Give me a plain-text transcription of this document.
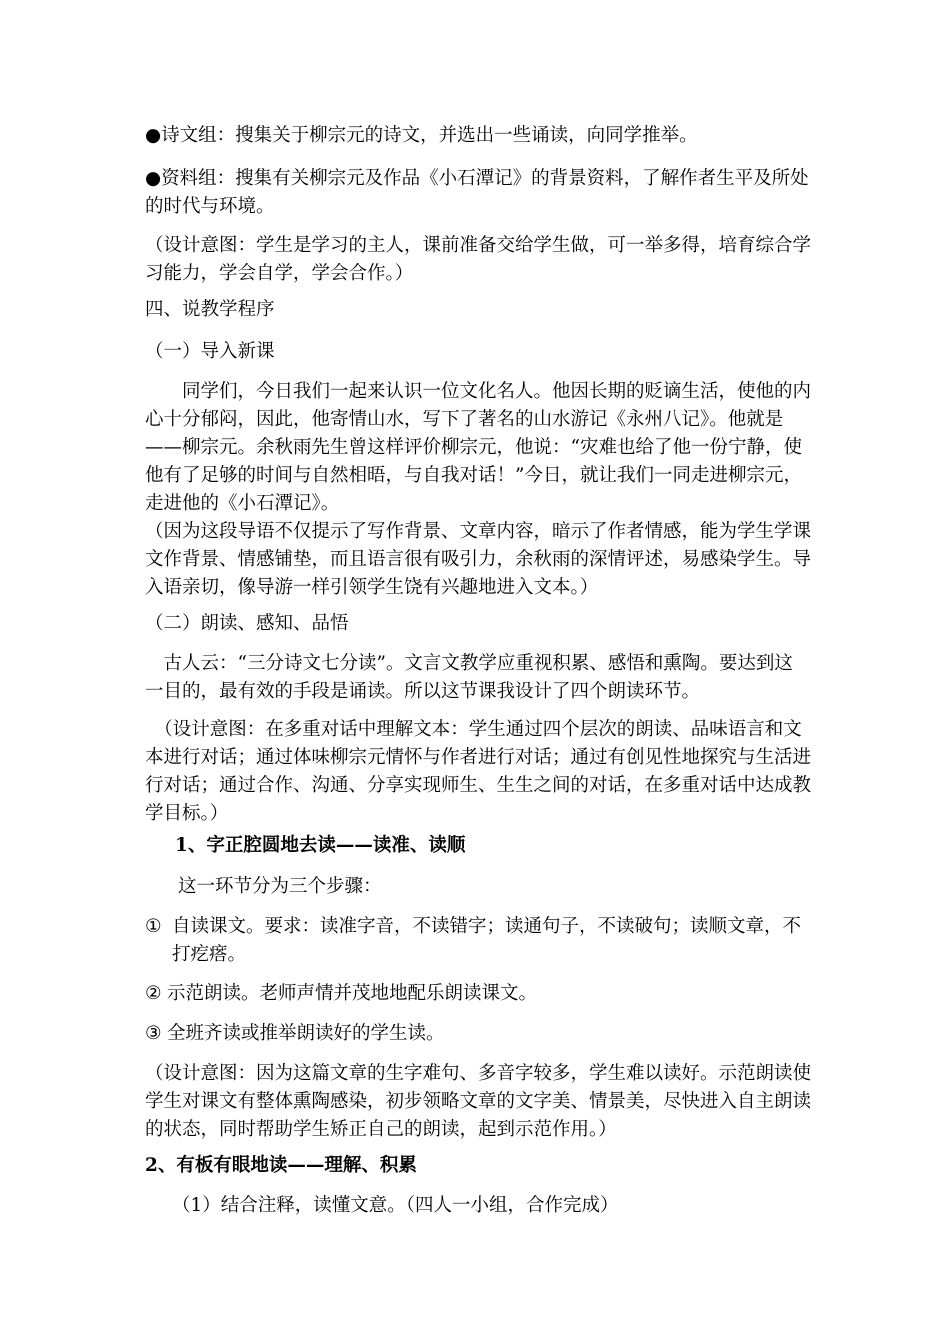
●诗文组：搜集关于柳宗元的诗文，并选出一些诵读，向同学推举。

●资料组：搜集有关柳宗元及作品《小石潭记》的背景资料，了解作者生平及所处的时代与环境。

（设计意图：学生是学习的主人，课前准备交给学生做，可一举多得，培育综合学习能力，学会自学，学会合作。）

四、说教学程序

（一）导入新课

　　同学们，今日我们一起来认识一位文化名人。他因长期的贬谪生活，使他的内心十分郁闷，因此，他寄情山水，写下了著名的山水游记《永州八记》。他就是——柳宗元。余秋雨先生曾这样评价柳宗元，他说：“灾难也给了他一份宁静，使他有了足够的时间与自然相晤，与自我对话！”今日，就让我们一同走进柳宗元，走进他的《小石潭记》。

（因为这段导语不仅提示了写作背景、文章内容，暗示了作者情感，能为学生学课文作背景、情感铺垫，而且语言很有吸引力，余秋雨的深情评述，易感染学生。导入语亲切，像导游一样引领学生饶有兴趣地进入文本。）

（二）朗读、感知、品悟

　古人云：“三分诗文七分读”。文言文教学应重视积累、感悟和熏陶。要达到这一目的，最有效的手段是诵读。所以这节课我设计了四个朗读环节。

　（设计意图：在多重对话中理解文本：学生通过四个层次的朗读、品味语言和文本进行对话；通过体味柳宗元情怀与作者进行对话；通过有创见性地探究与生活进行对话；通过合作、沟通、分享实现师生、生生之间的对话，在多重对话中达成教学目标。）

1、字正腔圆地去读——读准、读顺

这一环节分为三个步骤：

① 自读课文。要求：读准字音，不读错字；读通句子，不读破句；读顺文章，不打疙瘩。
② 示范朗读。老师声情并茂地地配乐朗读课文。
③ 全班齐读或推举朗读好的学生读。

（设计意图：因为这篇文章的生字难句、多音字较多，学生难以读好。示范朗读使学生对课文有整体熏陶感染，初步领略文章的文字美、情景美，尽快进入自主朗读的状态，同时帮助学生矫正自己的朗读，起到示范作用。）

2、有板有眼地读——理解、积累

（1）结合注释，读懂文意。（四人一小组，合作完成）
